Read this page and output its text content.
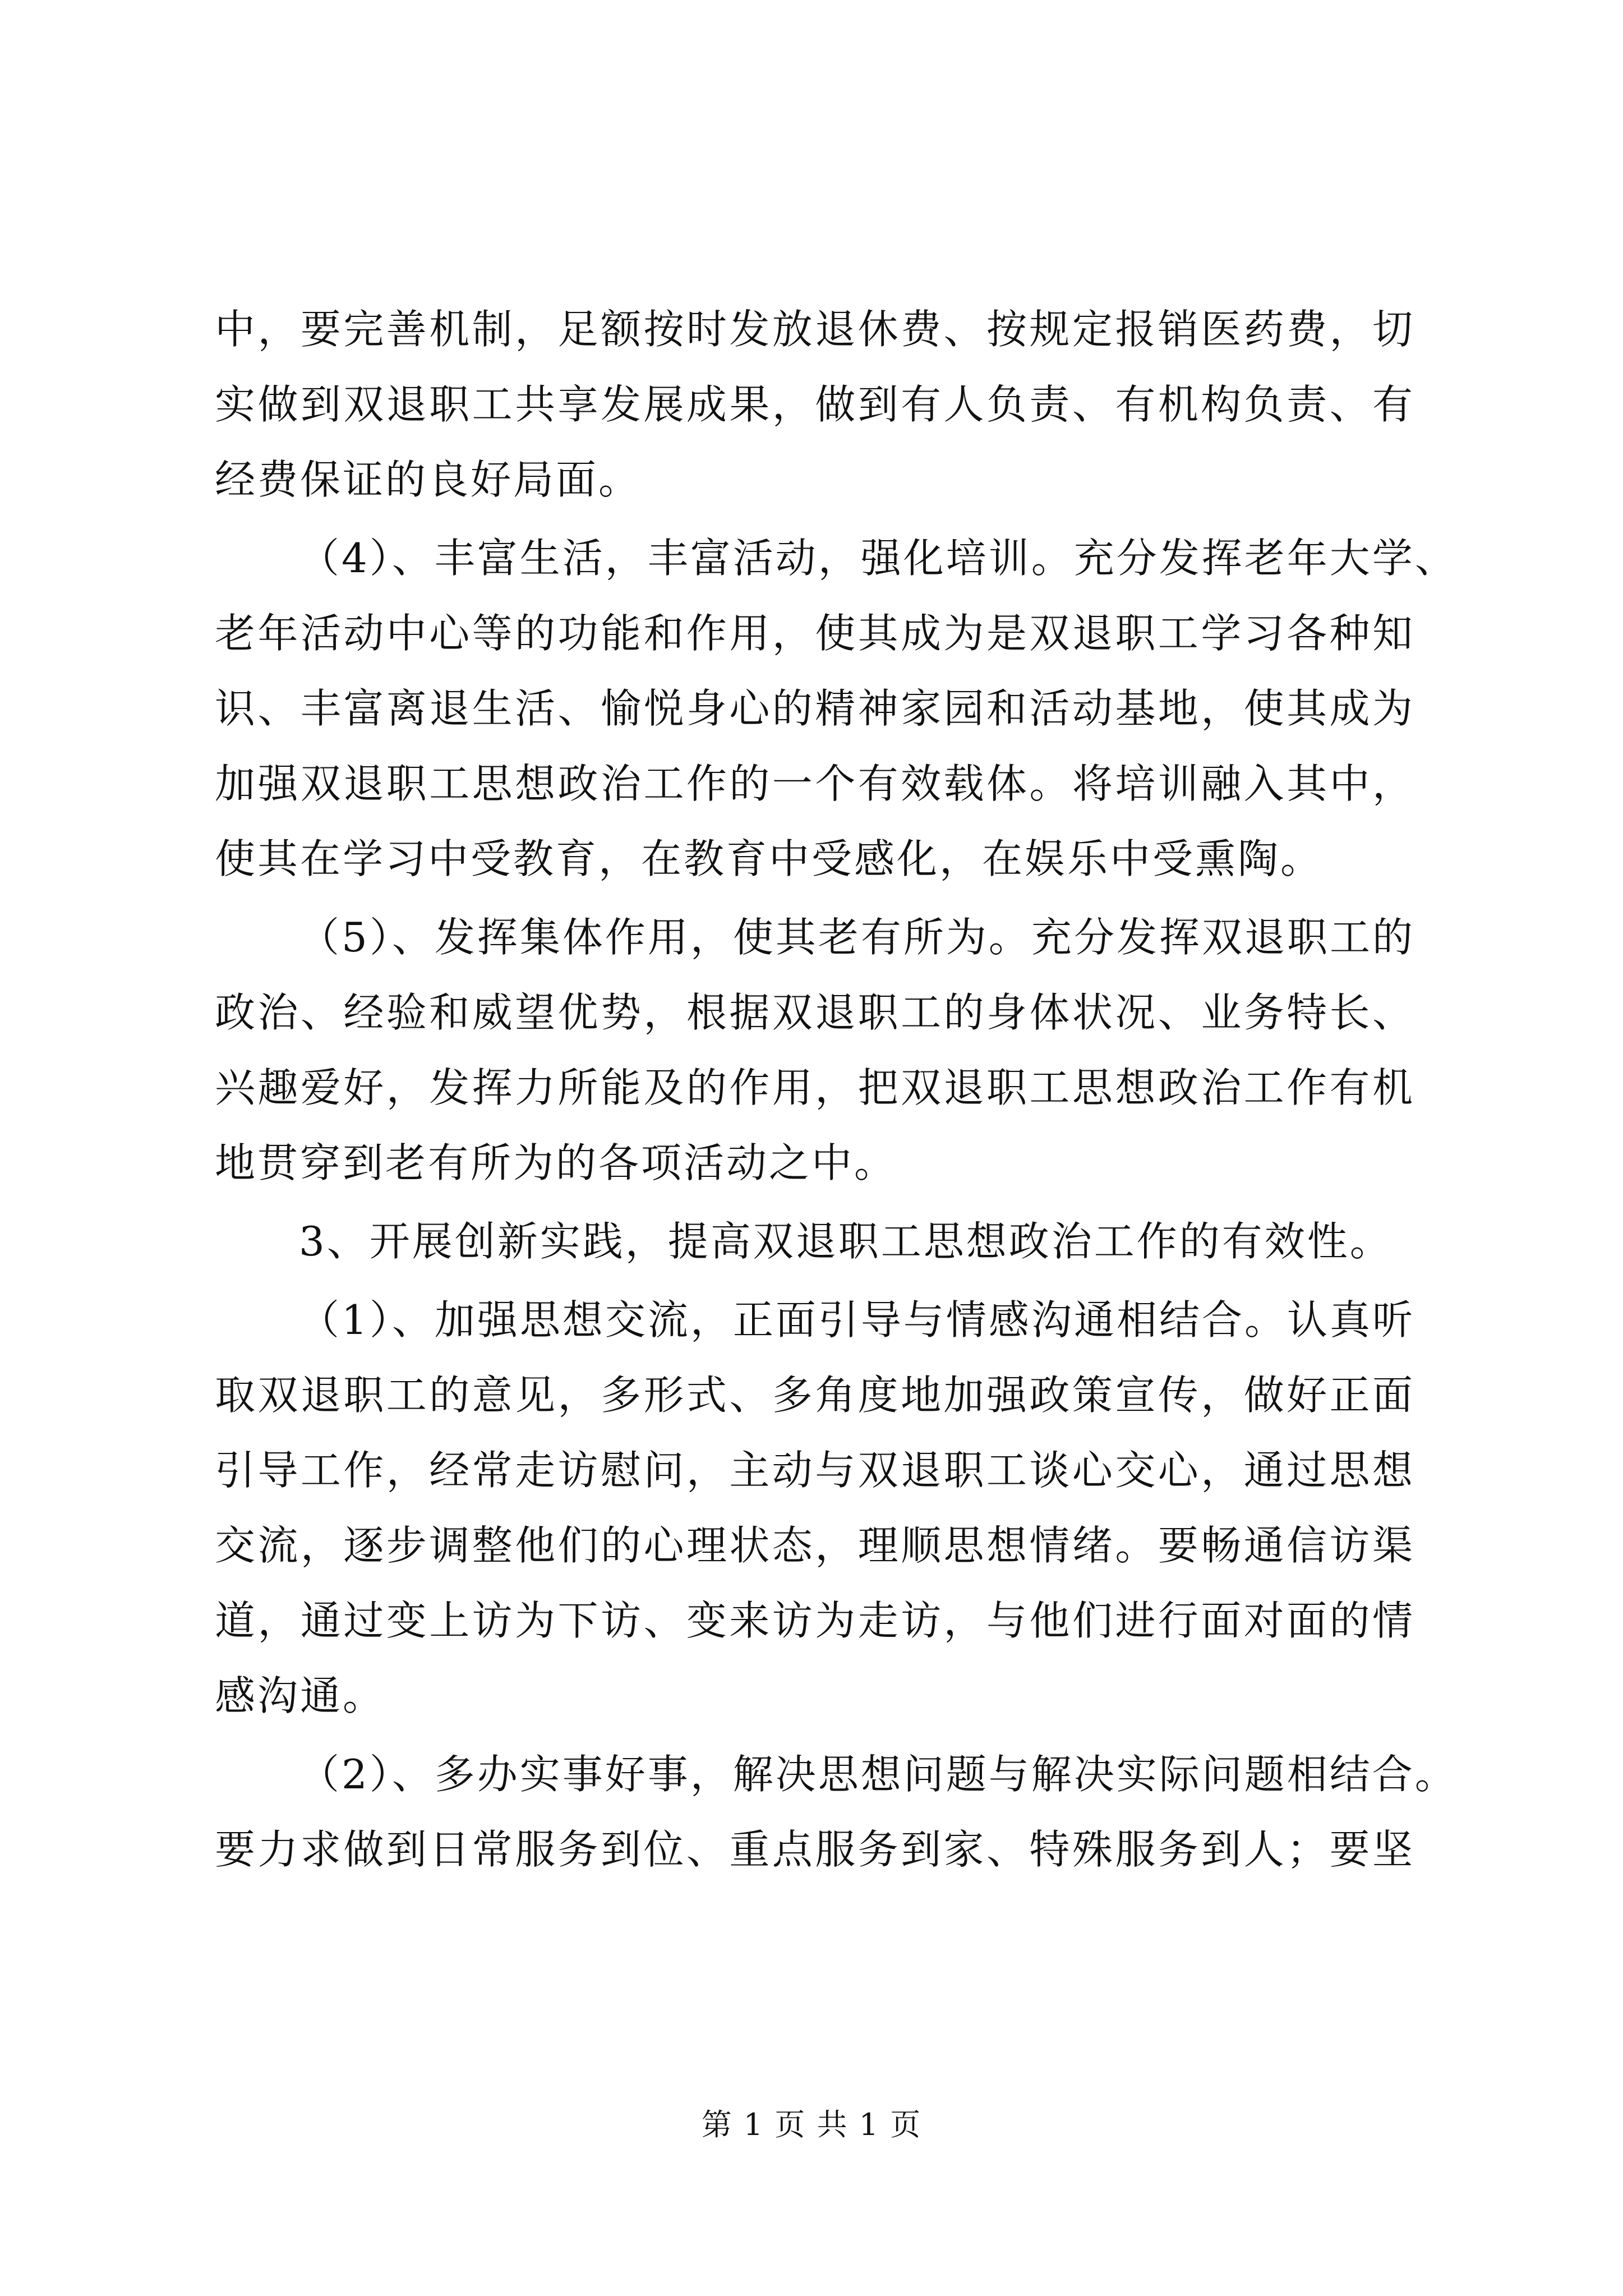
中，要完善机制，足额按时发放退休费、按规定报销医药费，切
实做到双退职工共享发展成果，做到有人负责、有机构负责、有
经费保证的良好局面。
（4）、丰富生活，丰富活动，强化培训。充分发挥老年大学、
老年活动中心等的功能和作用，使其成为是双退职工学习各种知
识、丰富离退生活、愉悦身心的精神家园和活动基地，使其成为
加强双退职工思想政治工作的一个有效载体。将培训融入其中，
使其在学习中受教育，在教育中受感化，在娱乐中受熏陶。
（5）、发挥集体作用，使其老有所为。充分发挥双退职工的
政治、经验和威望优势，根据双退职工的身体状况、业务特长、
兴趣爱好，发挥力所能及的作用，把双退职工思想政治工作有机
地贯穿到老有所为的各项活动之中。
3、开展创新实践，提高双退职工思想政治工作的有效性。
（1）、加强思想交流，正面引导与情感沟通相结合。认真听
取双退职工的意见，多形式、多角度地加强政策宣传，做好正面
引导工作，经常走访慰问，主动与双退职工谈心交心，通过思想
交流，逐步调整他们的心理状态，理顺思想情绪。要畅通信访渠
道，通过变上访为下访、变来访为走访，与他们进行面对面的情
感沟通。
（2）、多办实事好事，解决思想问题与解决实际问题相结合。
要力求做到日常服务到位、重点服务到家、特殊服务到人；要坚
第 1 页 共 1 页
